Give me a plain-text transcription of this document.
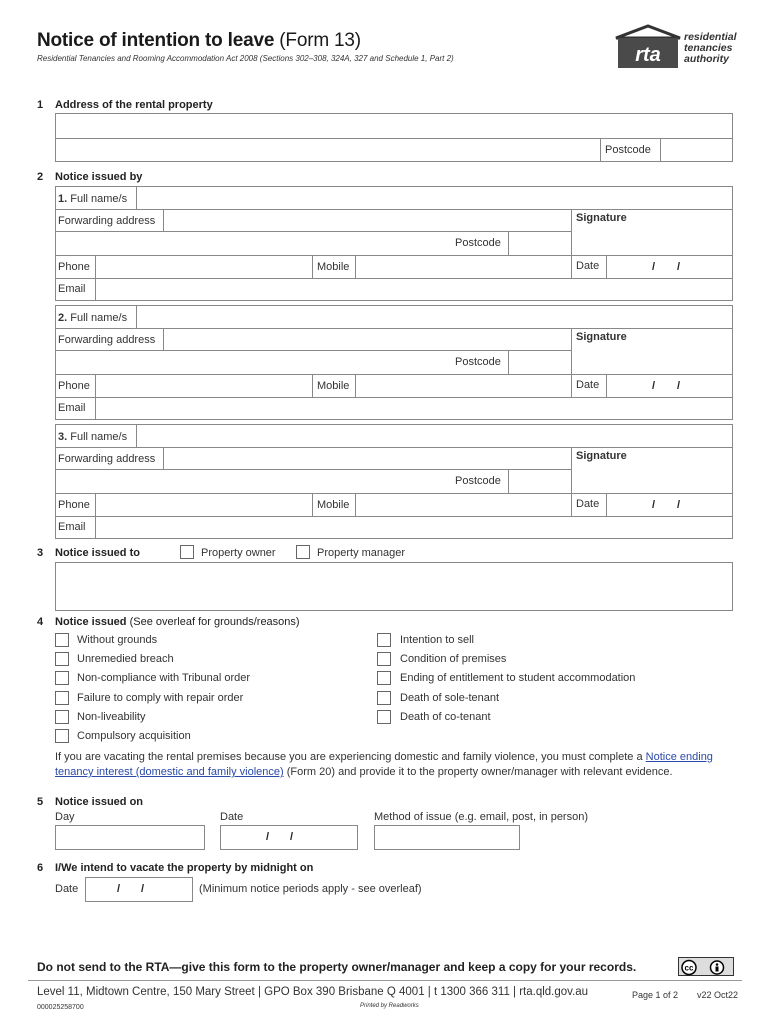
Notice of intention to leave (Form 13)
Residential Tenancies and Rooming Accommodation Act 2008 (Sections 302–308, 324A, 327 and Schedule 1, Part 2)	rta
residential
tenancies
authority
1 Address of the rental property
Postcode
2 Notice issued by
1. Full name/s
Forwarding address
Postcode
Signature
Phone	Mobile	Date	/ /
Email
2. Full name/s
Forwarding address
Postcode
Signature
Phone	Mobile	Date	/ /
Email
3. Full name/s
Forwarding address
Postcode
Signature
Phone	Mobile	Date	/ /
Email
3 Notice issued to	Property owner	Property manager
4 Notice issued (See overleaf for grounds/reasons)
Without grounds
Unremedied breach
Non-compliance with Tribunal order
Failure to comply with repair order
Non-liveability
Compulsory acquisition
Intention to sell
Condition of premises
Ending of entitlement to student accommodation
Death of sole-tenant
Death of co-tenant
If you are vacating the rental premises because you are experiencing domestic and family violence, you must complete a Notice ending tenancy interest (domestic and family violence) (Form 20) and provide it to the property owner/manager with relevant evidence.
5 Notice issued on
Day	Date	Method of issue (e.g. email, post, in person)
/ /
6 I/We intend to vacate the property by midnight on
Date	/ /	(Minimum notice periods apply - see overleaf)
Do not send to the RTA—give this form to the property owner/manager and keep a copy for your records.	cc
Level 11, Midtown Centre, 150 Mary Street | GPO Box 390 Brisbane Q 4001 | t 1300 366 311 | rta.qld.gov.au
000025258700	Printed by Readworks
Page 1 of 2 v22 Oct22
